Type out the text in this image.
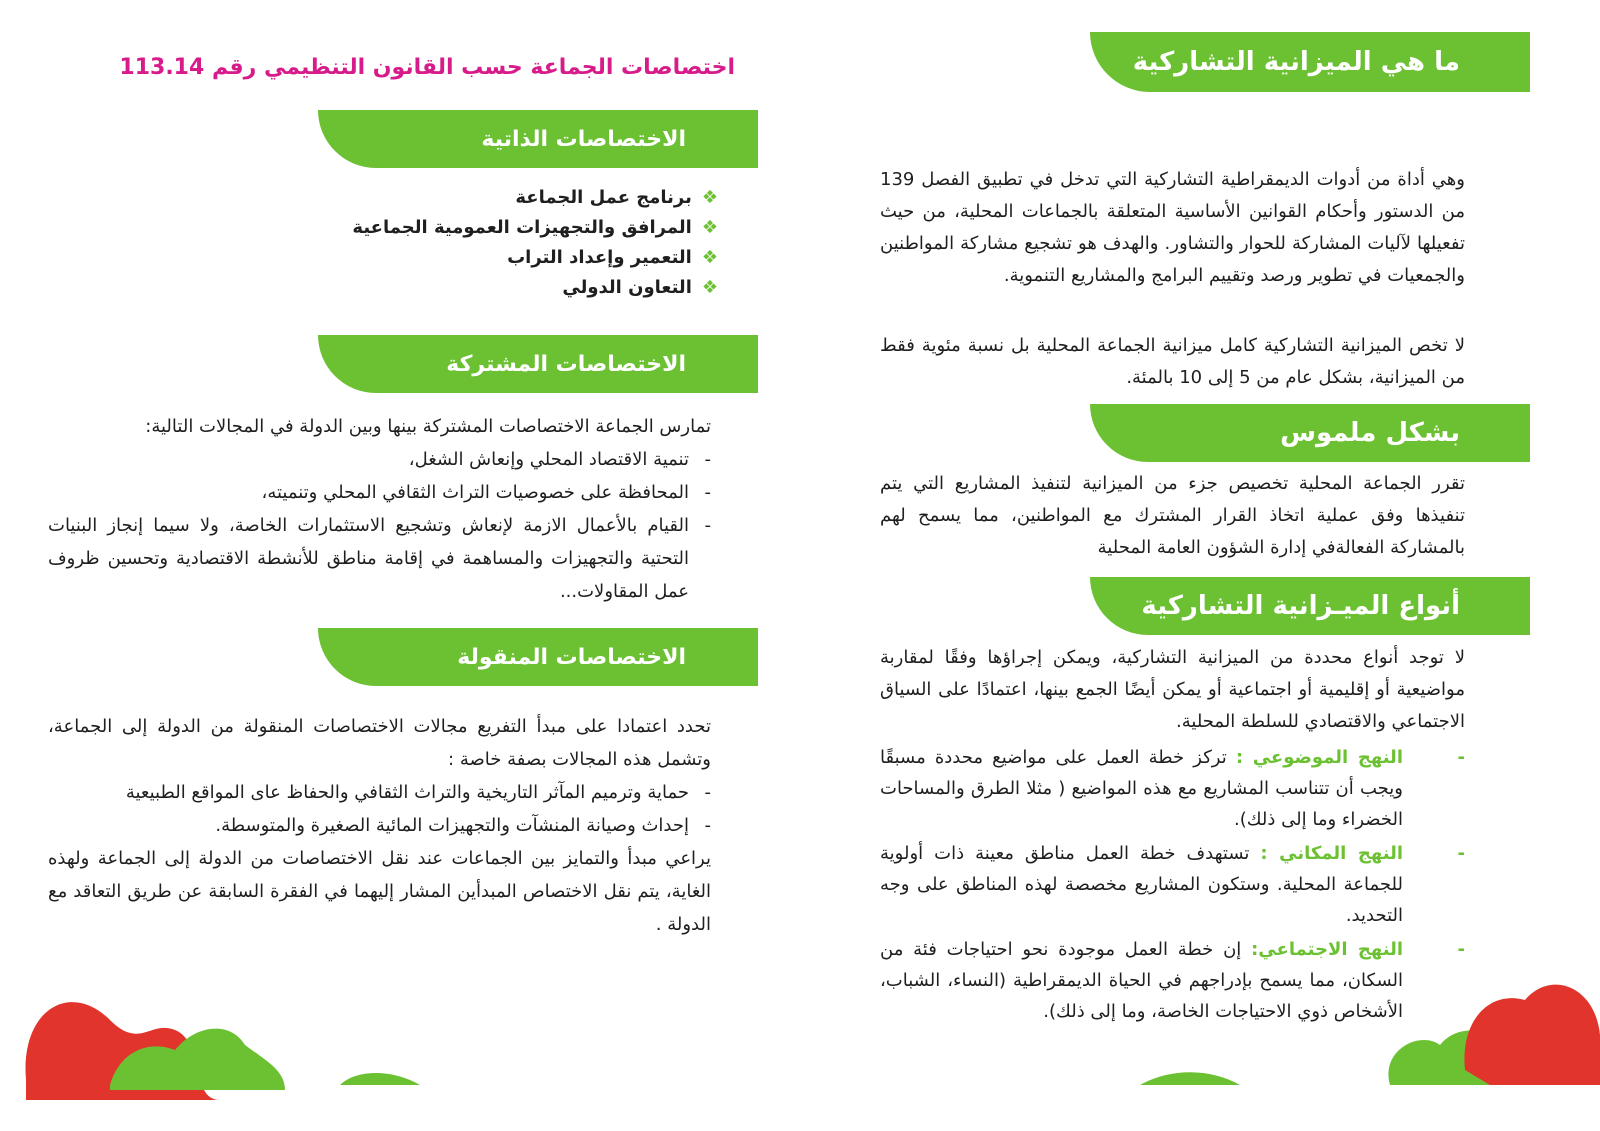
ما هي الميزانية التشاركية

وهي أداة من أدوات الديمقراطية التشاركية التي تدخل في تطبيق الفصل 139 من الدستور وأحكام القوانين الأساسية المتعلقة بالجماعات المحلية، من حيث تفعيلها لآليات المشاركة للحوار والتشاور. والهدف هو تشجيع مشاركة المواطنين والجمعيات في تطوير ورصد وتقييم البرامج والمشاريع التنموية.

لا تخص الميزانية التشاركية كامل ميزانية الجماعة المحلية بل نسبة مئوية فقط من الميزانية، بشكل عام من 5 إلى 10 بالمئة.

بشكل ملموس

تقرر الجماعة المحلية تخصيص جزء من الميزانية لتنفيذ المشاريع التي يتم تنفيذها وفق عملية اتخاذ القرار المشترك مع المواطنين، مما يسمح لهم بالمشاركة الفعالةفي إدارة الشؤون العامة المحلية

أنواع الميـزانية التشاركية

لا توجد أنواع محددة من الميزانية التشاركية، ويمكن إجراؤها وفقًا لمقاربة مواضيعية أو إقليمية أو اجتماعية أو يمكن أيضًا الجمع بينها، اعتمادًا على السياق الاجتماعي والاقتصادي للسلطة المحلية.

-
النهج الموضوعي : تركز خطة العمل على مواضيع محددة مسبقًا ويجب أن تتناسب المشاريع مع هذه المواضيع ( مثلا الطرق والمساحات الخضراء وما إلى ذلك).

-
النهج المكاني : تستهدف خطة العمل مناطق معينة ذات أولوية للجماعة المحلية. وستكون المشاريع مخصصة لهذه المناطق على وجه التحديد.

-
النهج الاجتماعي: إن خطة العمل موجودة نحو احتياجات فئة من السكان، مما يسمح بإدراجهم في الحياة الديمقراطية (النساء، الشباب، الأشخاص ذوي الاحتياجات الخاصة، وما إلى ذلك).

اختصاصات الجماعة حسب القانون التنظيمي رقم 113.14
الاختصاصات الذاتية
❖
برنامج عمل الجماعة
❖
المرافق والتجهيزات العمومية الجماعية
❖
التعمير وإعداد التراب
❖
التعاون الدولي
الاختصاصات المشتركة

تمارس الجماعة الاختصاصات المشتركة بينها وبين الدولة في المجالات التالية:

- تنمية الاقتصاد المحلي وإنعاش الشغل،
- المحافظة على خصوصيات التراث الثقافي المحلي وتنميته،
- القيام بالأعمال الازمة لإنعاش وتشجيع الاستثمارات الخاصة، ولا سيما إنجاز البنيات التحتية والتجهيزات والمساهمة في إقامة مناطق للأنشطة الاقتصادية وتحسين ظروف عمل المقاولات...
الاختصاصات المنقولة

تحدد اعتمادا على مبدأ التفريع مجالات الاختصاصات المنقولة من الدولة إلى الجماعة، وتشمل هذه المجالات بصفة خاصة :

- حماية وترميم المآثر التاريخية والتراث الثقافي والحفاظ عاى المواقع الطبيعية
- إحداث وصيانة المنشآت والتجهيزات المائية الصغيرة والمتوسطة.

يراعي مبدأ والتمايز بين الجماعات عند نقل الاختصاصات من الدولة إلى الجماعة ولهذه الغاية، يتم نقل الاختصاص المبدأين المشار إليهما في الفقرة السابقة عن طريق التعاقد مع الدولة .
